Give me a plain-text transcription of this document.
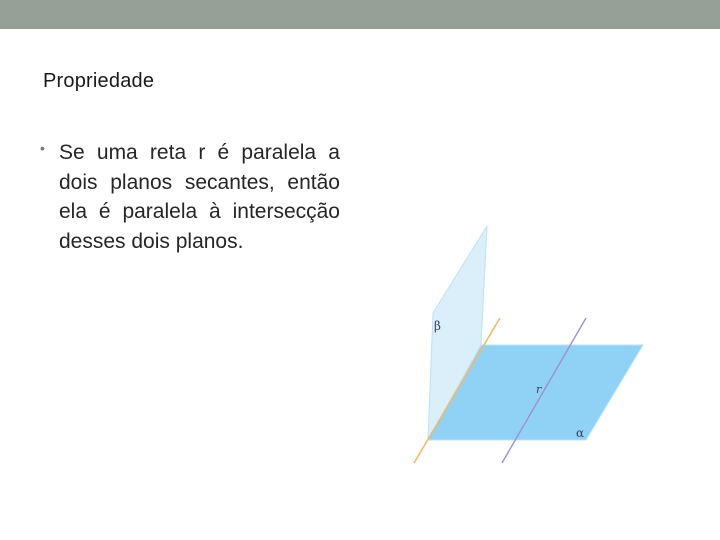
Propriedade
• Se uma reta r é paralela a dois planos secantes, então ela é paralela à intersecção desses dois planos.
β
α
r
